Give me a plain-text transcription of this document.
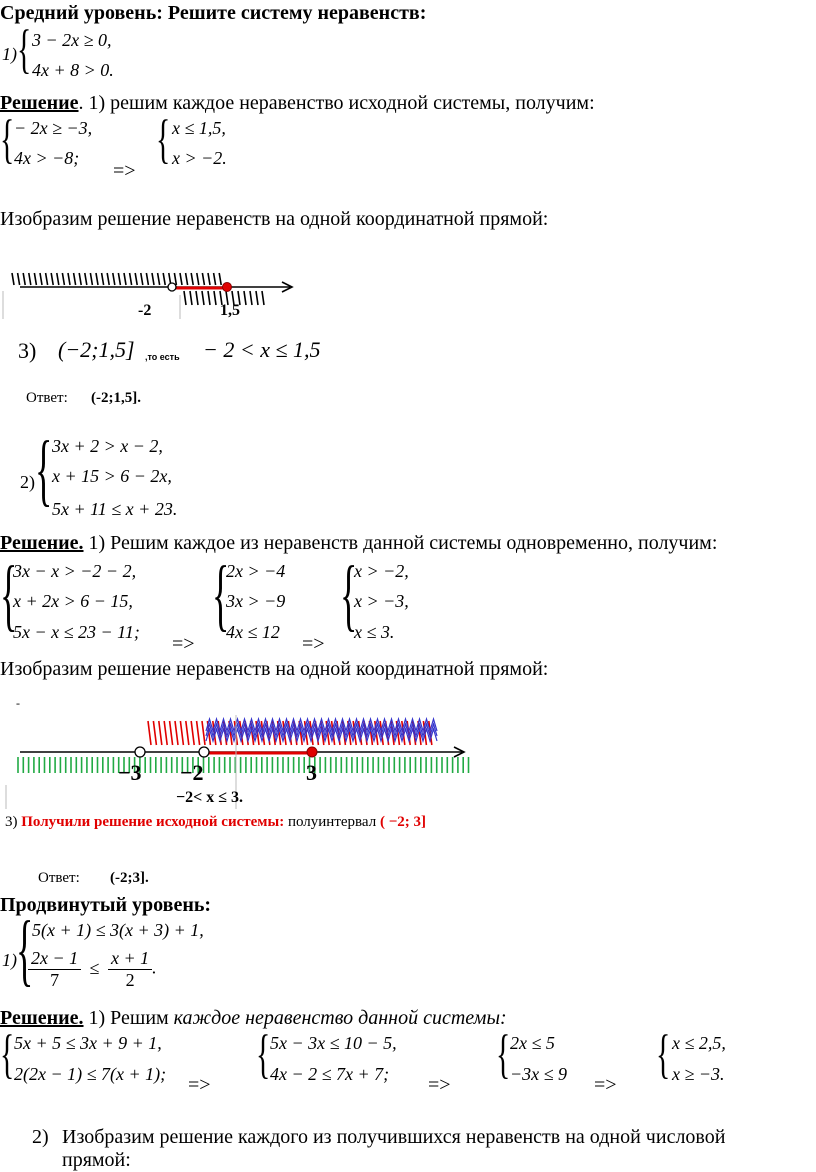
Средний уровень: Решите систему неравенств:
1) { 3 − 2x ≥ 0,
4x + 8 > 0.
Решение. 1) решим каждое неравенство исходной системы, получим:
{ − 2x ≥ −3,
4x > −8;
=>
{ x ≤ 1,5,
x > −2.
Изобразим решение неравенств на одной координатной прямой:
-2	1,5
3) (−2;1,5] ,то есть − 2 < x ≤ 1,5
Ответ: (-2;1,5].
2) { 3x + 2 > x − 2,
x + 15 > 6 − 2x,
5x + 11 ≤ x + 23.
Решение. 1) Решим каждое из неравенств данной системы одновременно, получим:
{
3x − x > −2 − 2,
x + 2x > 6 − 15,
5x − x ≤ 23 − 11;
=>
{
2x > −4
3x > −9
4x ≤ 12
=>
{
x > −2,
x > −3,
x ≤ 3.
Изобразим решение неравенств на одной координатной прямой:
-
−3 −2	3
−2< x ≤ 3.
3) Получили решение исходной системы: полуинтервал ( −2; 3]
Ответ: (-2;3].
Продвинутый уровень:
1) {
5(x + 1) ≤ 3(x + 3) + 1,
$\frac{2x - 1}{7} \le \frac{x + 1}{2}$ .
Решение. 1) Решим каждое неравенство данной системы:
{ 5x + 5 ≤ 3x + 9 + 1,
2(2x − 1) ≤ 7(x + 1); =>
{ 5x − 3x ≤ 10 − 5,
4x − 2 ≤ 7x + 7; =>
{ 2x ≤ 5
−3x ≤ 9 =>
{ x ≤ 2,5,
x ≥ −3.
2) Изобразим решение каждого из получившихся неравенств на одной числовой
прямой:
